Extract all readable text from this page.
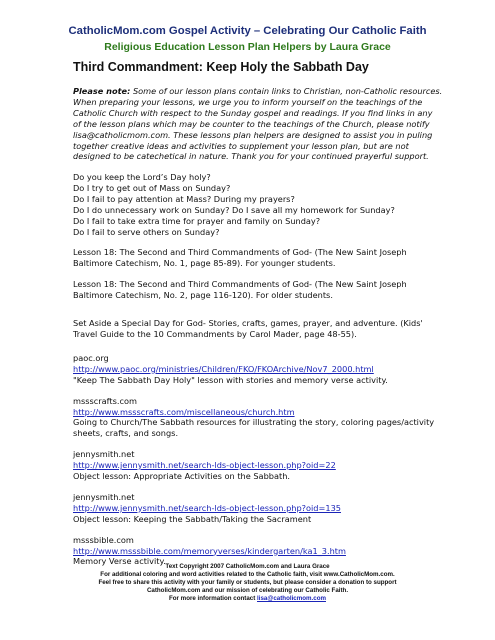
CatholicMom.com Gospel Activity – Celebrating Our Catholic Faith
Religious Education Lesson Plan Helpers by Laura Grace
Third Commandment: Keep Holy the Sabbath Day
Please note: Some of our lesson plans contain links to Christian, non-Catholic resources.
When preparing your lessons, we urge you to inform yourself on the teachings of the
Catholic Church with respect to the Sunday gospel and readings. If you find links in any
of the lesson plans which may be counter to the teachings of the Church, please notify
lisa@catholicmom.com. These lessons plan helpers are designed to assist you in puling
together creative ideas and activities to supplement your lesson plan, but are not
designed to be catechetical in nature. Thank you for your continued prayerful support.
Do you keep the Lord’s Day holy?
Do I try to get out of Mass on Sunday?
Do I fail to pay attention at Mass? During my prayers?
Do I do unnecessary work on Sunday? Do I save all my homework for Sunday?
Do I fail to take extra time for prayer and family on Sunday?
Do I fail to serve others on Sunday?
Lesson 18: The Second and Third Commandments of God- (The New Saint Joseph
Baltimore Catechism, No. 1, page 85-89). For younger students.
Lesson 18: The Second and Third Commandments of God- (The New Saint Joseph
Baltimore Catechism, No. 2, page 116-120). For older students.
Set Aside a Special Day for God- Stories, crafts, games, prayer, and adventure. (Kids'
Travel Guide to the 10 Commandments by Carol Mader, page 48-55).
paoc.org
http://www.paoc.org/ministries/Children/FKO/FKOArchive/Nov7_2000.html
"Keep The Sabbath Day Holy" lesson with stories and memory verse activity.
mssscrafts.com
http://www.mssscrafts.com/miscellaneous/church.htm
Going to Church/The Sabbath resources for illustrating the story, coloring pages/activity
sheets, crafts, and songs.
jennysmith.net
http://www.jennysmith.net/search-lds-object-lesson.php?oid=22
Object lesson: Appropriate Activities on the Sabbath.
jennysmith.net
http://www.jennysmith.net/search-lds-object-lesson.php?oid=135
Object lesson: Keeping the Sabbath/Taking the Sacrament
msssbible.com
http://www.msssbible.com/memoryverses/kindergarten/ka1_3.htm
Memory Verse activity.
Text Copyright 2007 CatholicMom.com and Laura Grace
For additional coloring and word activities related to the Catholic faith, visit www.CatholicMom.com.
Feel free to share this activity with your family or students, but please consider a donation to support
CatholicMom.com and our mission of celebrating our Catholic Faith.
For more information contact lisa@catholicmom.com
